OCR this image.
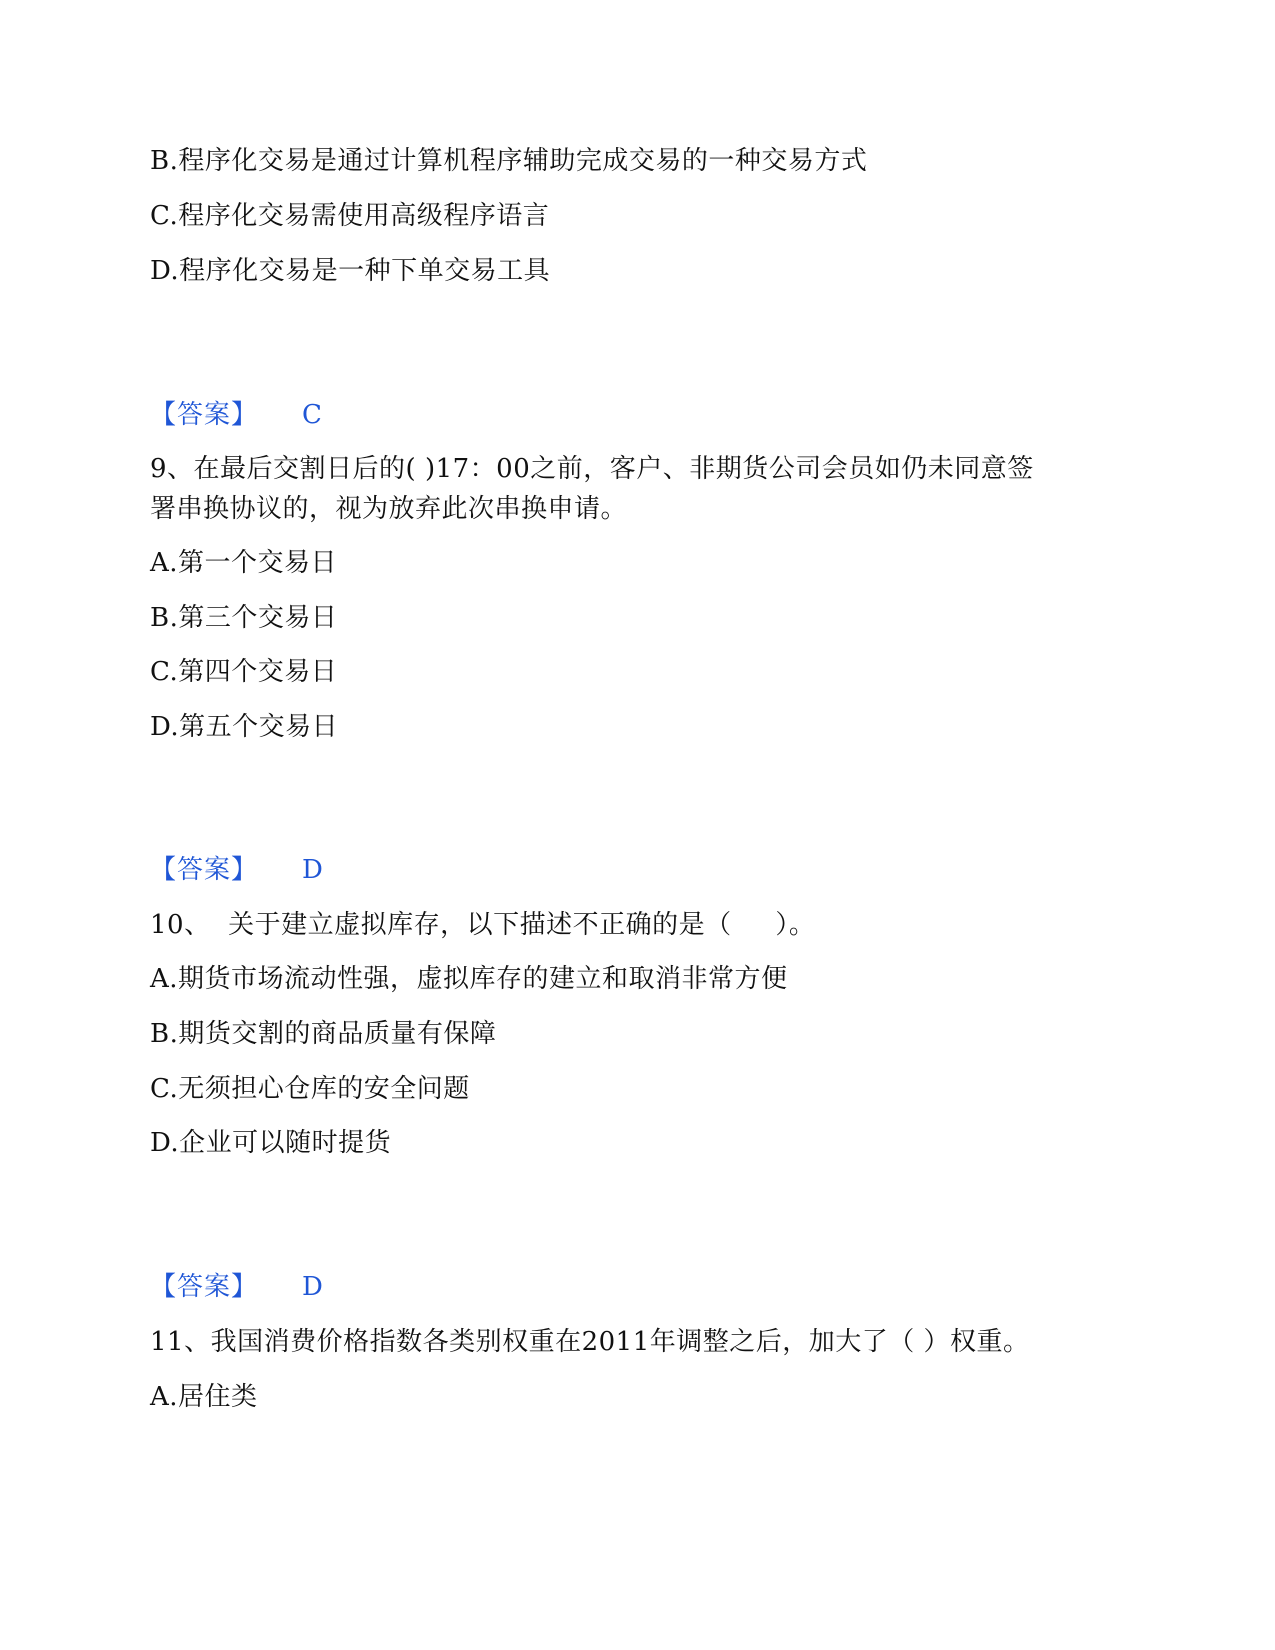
B.程序化交易是通过计算机程序辅助完成交易的一种交易方式
C.程序化交易需使用高级程序语言
D.程序化交易是一种下单交易工具
【答案】 C
9、在最后交割日后的( )17：00之前，客户、非期货公司会员如仍未同意签
署串换协议的，视为放弃此次串换申请。
A.第一个交易日
B.第三个交易日
C.第四个交易日
D.第五个交易日
【答案】 D
10、  关于建立虚拟库存，以下描述不正确的是（     ）。
A.期货市场流动性强，虚拟库存的建立和取消非常方便
B.期货交割的商品质量有保障
C.无须担心仓库的安全问题
D.企业可以随时提货
【答案】 D
11、我国消费价格指数各类别权重在2011年调整之后，加大了（ ）权重。
A.居住类
